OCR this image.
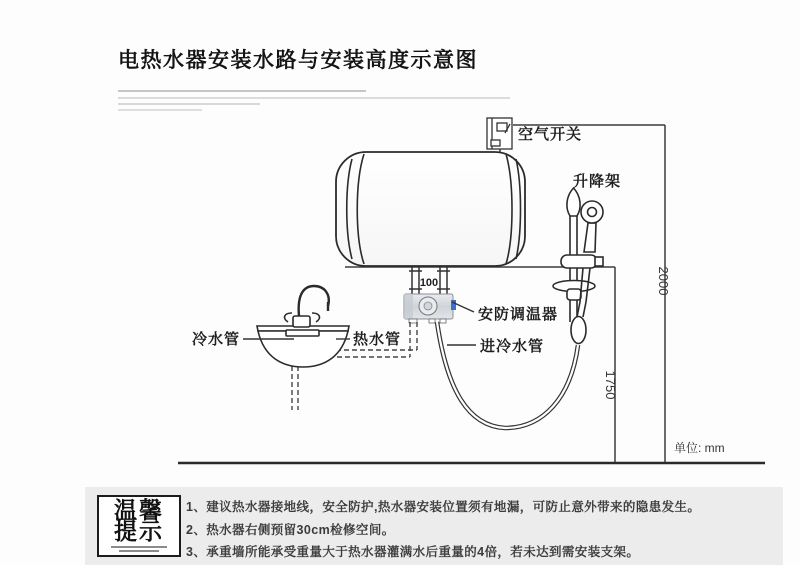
电热水器安装水路与安装高度示意图
100
空气开关
升降架
冷水管	热水管
安防调温器
进冷水管
2000
1750
单位: mm
温馨
提示
1、建议热水器接地线，安全防护,热水器安装位置须有地漏，可防止意外带来的隐患发生。
2、热水器右侧预留30cm检修空间。
3、承重墙所能承受重量大于热水器灌满水后重量的4倍，若未达到需安装支架。
